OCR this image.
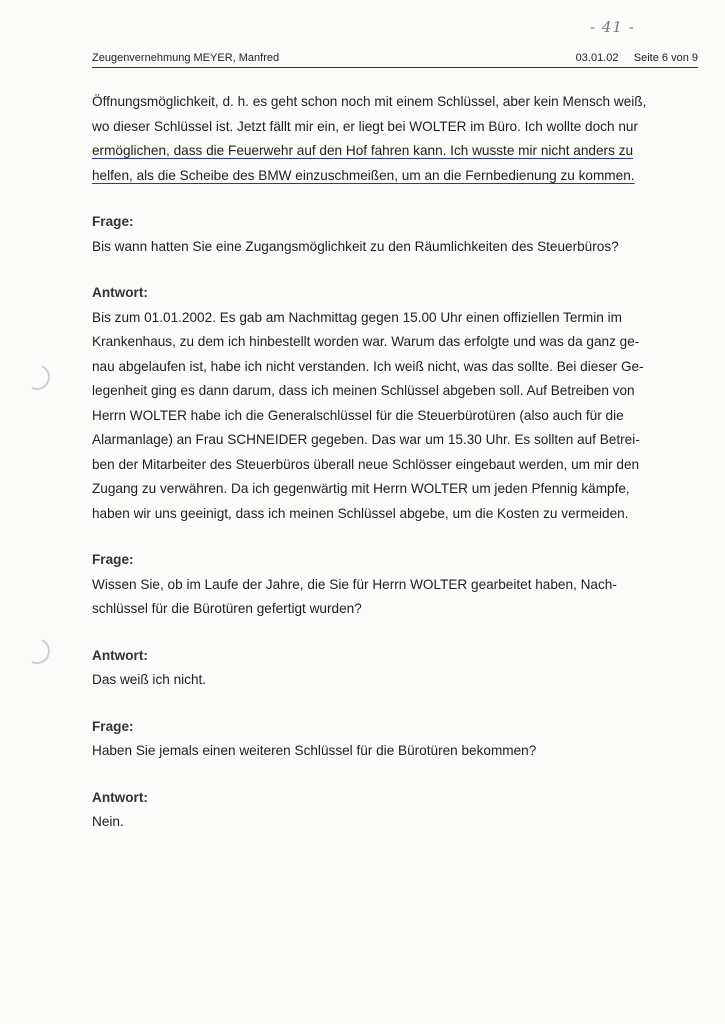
- 41 -
Zeugenvernehmung MEYER, Manfred	03.01.02 Seite 6 von 9

Öffnungsmöglichkeit, d. h. es geht schon noch mit einem Schlüssel, aber kein Mensch weiß,
wo dieser Schlüssel ist. Jetzt fällt mir ein, er liegt bei WOLTER im Büro. Ich wollte doch nur
ermöglichen, dass die Feuerwehr auf den Hof fahren kann. Ich wusste mir nicht anders zu
helfen, als die Scheibe des BMW einzuschmeißen, um an die Fernbedienung zu kommen.
Frage:
Bis wann hatten Sie eine Zugangsmöglichkeit zu den Räumlichkeiten des Steuerbüros?
Antwort:
Bis zum 01.01.2002. Es gab am Nachmittag gegen 15.00 Uhr einen offiziellen Termin im
Krankenhaus, zu dem ich hinbestellt worden war. Warum das erfolgte und was da ganz ge-
nau abgelaufen ist, habe ich nicht verstanden. Ich weiß nicht, was das sollte. Bei dieser Ge-
legenheit ging es dann darum, dass ich meinen Schlüssel abgeben soll. Auf Betreiben von
Herrn WOLTER habe ich die Generalschlüssel für die Steuerbürotüren (also auch für die
Alarmanlage) an Frau SCHNEIDER gegeben. Das war um 15.30 Uhr. Es sollten auf Betrei-
ben der Mitarbeiter des Steuerbüros überall neue Schlösser eingebaut werden, um mir den
Zugang zu verwähren. Da ich gegenwärtig mit Herrn WOLTER um jeden Pfennig kämpfe,
haben wir uns geeinigt, dass ich meinen Schlüssel abgebe, um die Kosten zu vermeiden.
Frage:
Wissen Sie, ob im Laufe der Jahre, die Sie für Herrn WOLTER gearbeitet haben, Nach-
schlüssel für die Bürotüren gefertigt wurden?
Antwort:
Das weiß ich nicht.
Frage:
Haben Sie jemals einen weiteren Schlüssel für die Bürotüren bekommen?
Antwort:
Nein.
